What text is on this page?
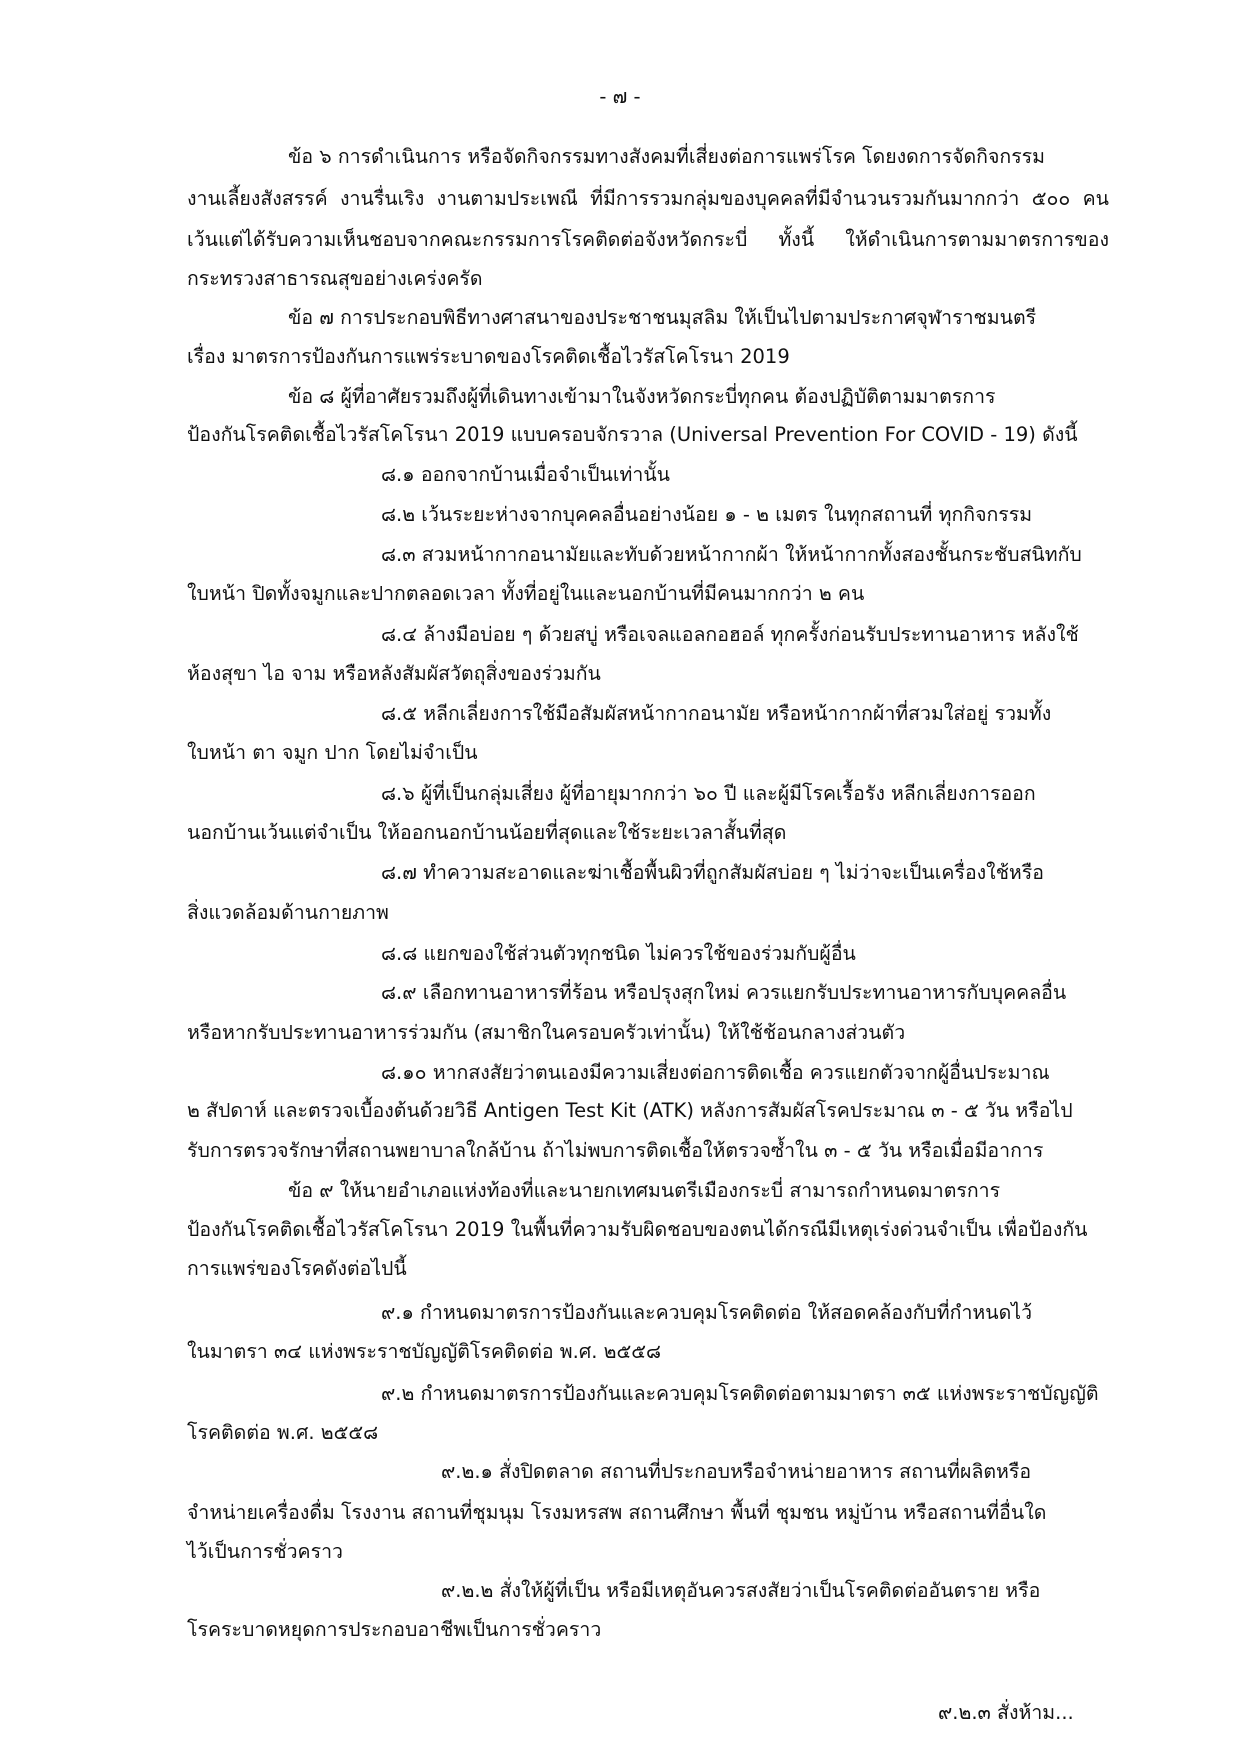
- ๗ -
ข้อ ๖ การดำเนินการ หรือจัดกิจกรรมทางสังคมที่เสี่ยงต่อการแพร่โรค โดยงดการจัดกิจกรรม
งานเลี้ยงสังสรรค์ งานรื่นเริง งานตามประเพณี ที่มีการรวมกลุ่มของบุคคลที่มีจำนวนรวมกันมากกว่า ๕๐๐ คน
เว้นแต่ได้รับความเห็นชอบจากคณะกรรมการโรคติดต่อจังหวัดกระบี่ ทั้งนี้ ให้ดำเนินการตามมาตรการของ
กระทรวงสาธารณสุขอย่างเคร่งครัด
ข้อ ๗ การประกอบพิธีทางศาสนาของประชาชนมุสลิม ให้เป็นไปตามประกาศจุฬาราชมนตรี
เรื่อง มาตรการป้องกันการแพร่ระบาดของโรคติดเชื้อไวรัสโคโรนา 2019
ข้อ ๘ ผู้ที่อาศัยรวมถึงผู้ที่เดินทางเข้ามาในจังหวัดกระบี่ทุกคน ต้องปฏิบัติตามมาตรการ
ป้องกันโรคติดเชื้อไวรัสโคโรนา 2019 แบบครอบจักรวาล (Universal Prevention For COVID - 19) ดังนี้
๘.๑ ออกจากบ้านเมื่อจำเป็นเท่านั้น
๘.๒ เว้นระยะห่างจากบุคคลอื่นอย่างน้อย ๑ - ๒ เมตร ในทุกสถานที่ ทุกกิจกรรม
๘.๓ สวมหน้ากากอนามัยและทับด้วยหน้ากากผ้า ให้หน้ากากทั้งสองชั้นกระชับสนิทกับ
ใบหน้า ปิดทั้งจมูกและปากตลอดเวลา ทั้งที่อยู่ในและนอกบ้านที่มีคนมากกว่า ๒ คน
๘.๔ ล้างมือบ่อย ๆ ด้วยสบู่ หรือเจลแอลกอฮอล์ ทุกครั้งก่อนรับประทานอาหาร หลังใช้
ห้องสุขา ไอ จาม หรือหลังสัมผัสวัตถุสิ่งของร่วมกัน
๘.๕ หลีกเลี่ยงการใช้มือสัมผัสหน้ากากอนามัย หรือหน้ากากผ้าที่สวมใส่อยู่ รวมทั้ง
ใบหน้า ตา จมูก ปาก โดยไม่จำเป็น
๘.๖ ผู้ที่เป็นกลุ่มเสี่ยง ผู้ที่อายุมากกว่า ๖๐ ปี และผู้มีโรคเรื้อรัง หลีกเลี่ยงการออก
นอกบ้านเว้นแต่จำเป็น ให้ออกนอกบ้านน้อยที่สุดและใช้ระยะเวลาสั้นที่สุด
๘.๗ ทำความสะอาดและฆ่าเชื้อพื้นผิวที่ถูกสัมผัสบ่อย ๆ ไม่ว่าจะเป็นเครื่องใช้หรือ
สิ่งแวดล้อมด้านกายภาพ
๘.๘ แยกของใช้ส่วนตัวทุกชนิด ไม่ควรใช้ของร่วมกับผู้อื่น
๘.๙ เลือกทานอาหารที่ร้อน หรือปรุงสุกใหม่ ควรแยกรับประทานอาหารกับบุคคลอื่น
หรือหากรับประทานอาหารร่วมกัน (สมาชิกในครอบครัวเท่านั้น) ให้ใช้ช้อนกลางส่วนตัว
๘.๑๐ หากสงสัยว่าตนเองมีความเสี่ยงต่อการติดเชื้อ ควรแยกตัวจากผู้อื่นประมาณ
๒ สัปดาห์ และตรวจเบื้องต้นด้วยวิธี Antigen Test Kit (ATK) หลังการสัมผัสโรคประมาณ ๓ - ๕ วัน หรือไป
รับการตรวจรักษาที่สถานพยาบาลใกล้บ้าน ถ้าไม่พบการติดเชื้อให้ตรวจซ้ำใน ๓ - ๕ วัน หรือเมื่อมีอาการ
ข้อ ๙ ให้นายอำเภอแห่งท้องที่และนายกเทศมนตรีเมืองกระบี่ สามารถกำหนดมาตรการ
ป้องกันโรคติดเชื้อไวรัสโคโรนา 2019 ในพื้นที่ความรับผิดชอบของตนได้กรณีมีเหตุเร่งด่วนจำเป็น เพื่อป้องกัน
การแพร่ของโรคดังต่อไปนี้
๙.๑ กำหนดมาตรการป้องกันและควบคุมโรคติดต่อ ให้สอดคล้องกับที่กำหนดไว้
ในมาตรา ๓๔ แห่งพระราชบัญญัติโรคติดต่อ พ.ศ. ๒๕๕๘
๙.๒ กำหนดมาตรการป้องกันและควบคุมโรคติดต่อตามมาตรา ๓๕ แห่งพระราชบัญญัติ
โรคติดต่อ พ.ศ. ๒๕๕๘
๙.๒.๑ สั่งปิดตลาด สถานที่ประกอบหรือจำหน่ายอาหาร สถานที่ผลิตหรือ
จำหน่ายเครื่องดื่ม โรงงาน สถานที่ชุมนุม โรงมหรสพ สถานศึกษา พื้นที่ ชุมชน หมู่บ้าน หรือสถานที่อื่นใด
ไว้เป็นการชั่วคราว
๙.๒.๒ สั่งให้ผู้ที่เป็น หรือมีเหตุอันควรสงสัยว่าเป็นโรคติดต่ออันตราย หรือ
โรคระบาดหยุดการประกอบอาชีพเป็นการชั่วคราว
๙.๒.๓ สั่งห้าม...
